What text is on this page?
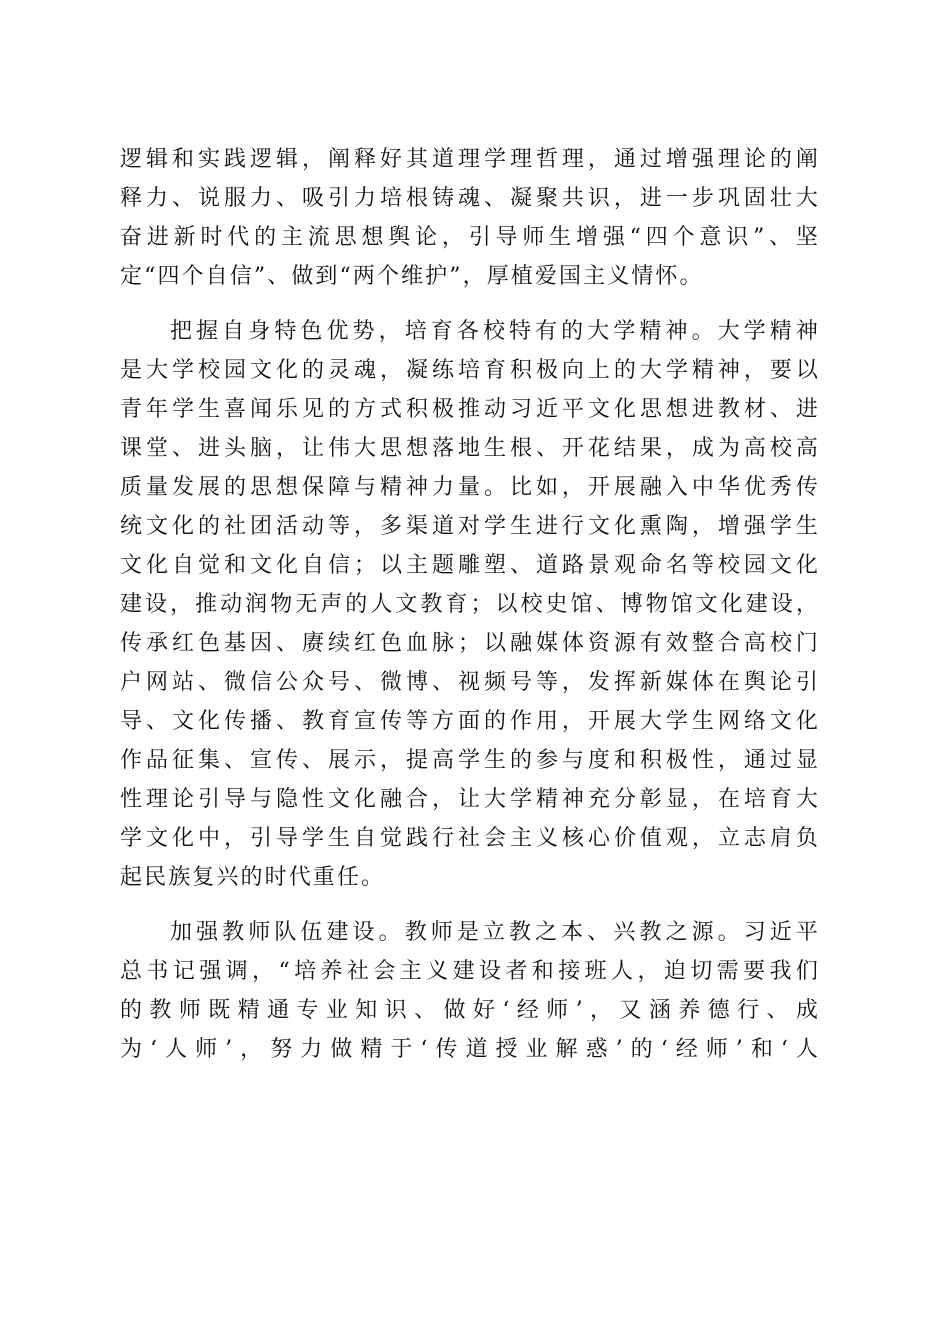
逻辑和实践逻辑，阐释好其道理学理哲理，通过增强理论的阐
释力、说服力、吸引力培根铸魂、凝聚共识，进一步巩固壮大
奋进新时代的主流思想舆论，引导师生增强“四个意识”、坚
定“四个自信”、做到“两个维护”，厚植爱国主义情怀。
把握自身特色优势，培育各校特有的大学精神。大学精神
是大学校园文化的灵魂，凝练培育积极向上的大学精神，要以
青年学生喜闻乐见的方式积极推动习近平文化思想进教材、进
课堂、进头脑，让伟大思想落地生根、开花结果，成为高校高
质量发展的思想保障与精神力量。比如，开展融入中华优秀传
统文化的社团活动等，多渠道对学生进行文化熏陶，增强学生
文化自觉和文化自信；以主题雕塑、道路景观命名等校园文化
建设，推动润物无声的人文教育；以校史馆、博物馆文化建设，
传承红色基因、赓续红色血脉；以融媒体资源有效整合高校门
户网站、微信公众号、微博、视频号等，发挥新媒体在舆论引
导、文化传播、教育宣传等方面的作用，开展大学生网络文化
作品征集、宣传、展示，提高学生的参与度和积极性，通过显
性理论引导与隐性文化融合，让大学精神充分彰显，在培育大
学文化中，引导学生自觉践行社会主义核心价值观，立志肩负
起民族复兴的时代重任。
加强教师队伍建设。教师是立教之本、兴教之源。习近平
总书记强调，“培养社会主义建设者和接班人，迫切需要我们
的教师既精通专业知识、做好‘经师’，又涵养德行、成
为‘人师’，努力做精于‘传道授业解惑’的‘经师’和‘人
